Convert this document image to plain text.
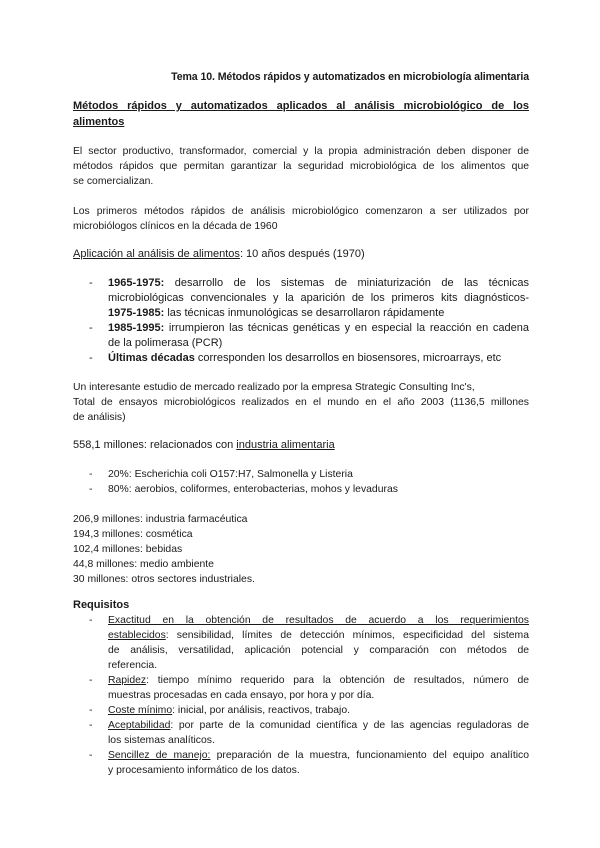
Tema 10. Métodos rápidos y automatizados en microbiología alimentaria
Métodos rápidos y automatizados aplicados al análisis microbiológico de los
alimentos
El sector productivo, transformador, comercial y la propia administración deben disponer de
métodos rápidos que permitan garantizar la seguridad microbiológica de los alimentos que
se comercializan.
Los primeros métodos rápidos de análisis microbiológico comenzaron a ser utilizados por
microbiólogos clínicos en la década de 1960
Aplicación al análisis de alimentos: 10 años después (1970)
- 1965-1975: desarrollo de los sistemas de miniaturización de las técnicas
microbiológicas convencionales y la aparición de los primeros kits diagnósticos-
1975-1985: las técnicas inmunológicas se desarrollaron rápidamente
- 1985-1995: irrumpieron las técnicas genéticas y en especial la reacción en cadena
de la polimerasa (PCR)
- Últimas décadas corresponden los desarrollos en biosensores, microarrays, etc
Un interesante estudio de mercado realizado por la empresa Strategic Consulting Inc's,

Total de ensayos microbiológicos realizados en el mundo en el año 2003 (1136,5 millones
de análisis)
558,1 millones: relacionados con industria alimentaria
- 20%: Escherichia coli O157:H7, Salmonella y Listeria
- 80%: aerobios, coliformes, enterobacterias, mohos y levaduras
206,9 millones: industria farmacéutica
194,3 millones: cosmética
102,4 millones: bebidas
44,8 millones: medio ambiente
30 millones: otros sectores industriales.
Requisitos
- Exactitud en la obtención de resultados de acuerdo a los requerimientos
establecidos: sensibilidad, límites de detección mínimos, especificidad del sistema
de análisis, versatilidad, aplicación potencial y comparación con métodos de
referencia.
- Rapidez: tiempo mínimo requerido para la obtención de resultados, número de
muestras procesadas en cada ensayo, por hora y por día.
- Coste mínimo: inicial, por análisis, reactivos, trabajo.
- Aceptabilidad: por parte de la comunidad científica y de las agencias reguladoras de
los sistemas analíticos.
- Sencillez de manejo: preparación de la muestra, funcionamiento del equipo analítico
y procesamiento informático de los datos.
